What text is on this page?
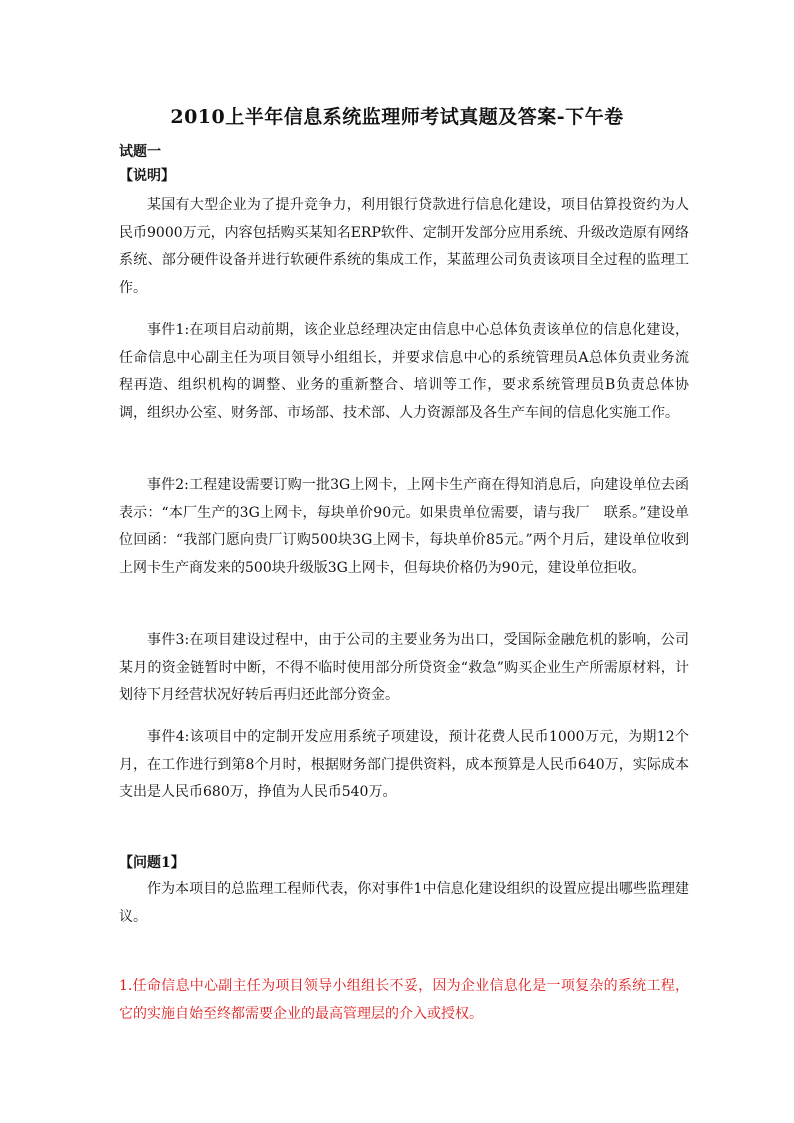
2010上半年信息系统监理师考试真题及答案-下午卷
试题一
【说明】
某国有大型企业为了提升竞争力，利用银行贷款进行信息化建设，项目估算投资约为人民币9000万元，内容包括购买某知名ERP软件、定制开发部分应用系统、升级改造原有网络系统、部分硬件设备并进行软硬件系统的集成工作，某蓝理公司负责该项目全过程的监理工作。
事件1:在项目启动前期，该企业总经理决定由信息中心总体负责该单位的信息化建设，任命信息中心副主任为项目领导小组组长，并要求信息中心的系统管理员A总体负责业务流程再造、组织机构的调整、业务的重新整合、培训等工作，要求系统管理员B负责总体协调，组织办公室、财务部、市场部、技术部、人力资源部及各生产车间的信息化实施工作。
事件2:工程建设需要订购一批3G上网卡，上网卡生产商在得知消息后，向建设单位去函表示：“本厂生产的3G上网卡，每块单价90元。如果贵单位需要，请与我厂　联系。”建设单位回函：“我部门愿向贵厂订购500块3G上网卡，每块单价85元。”两个月后，建设单位收到上网卡生产商发来的500块升级版3G上网卡，但每块价格仍为90元，建设单位拒收。
事件3:在项目建设过程中，由于公司的主要业务为出口，受国际金融危机的影响，公司某月的资金链暂时中断，不得不临时使用部分所贷资金“救急”购买企业生产所需原材料，计划待下月经营状况好转后再归还此部分资金。
事件4:该项目中的定制开发应用系统子项建设，预计花费人民币1000万元，为期12个月，在工作进行到第8个月时，根据财务部门提供资料，成本预算是人民币640万，实际成本支出是人民币680万，挣值为人民币540万。
【问题1】
作为本项目的总监理工程师代表，你对事件1中信息化建设组织的设置应提出哪些监理建议。
1.任命信息中心副主任为项目领导小组组长不妥，因为企业信息化是一项复杂的系统工程，它的实施自始至终都需要企业的最高管理层的介入或授权。
